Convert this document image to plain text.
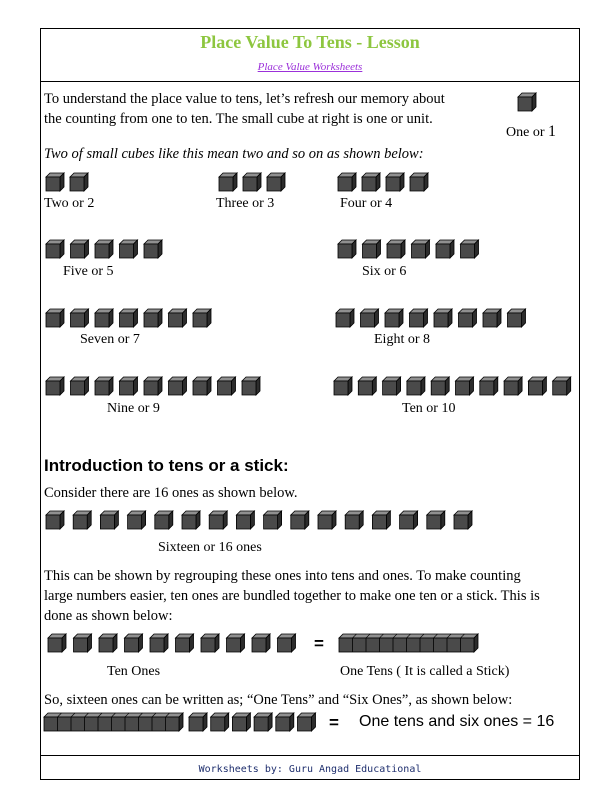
Place Value To Tens - Lesson
Place Value Worksheets
To understand the place value to tens, let’s refresh our memory about
the counting from one to ten. The small cube at right is one or unit.
One or 1
Two of small cubes like this mean two and so on as shown below:
Two or 2	Three or 3	Four or 4
Five or 5	Six or 6
Seven or 7	Eight or 8
Nine or 9	Ten or 10
Introduction to tens or a stick:
Consider there are 16 ones as shown below.
Sixteen or 16 ones
This can be shown by regrouping these ones into tens and ones. To make counting
large numbers easier, ten ones are bundled together to make one ten or a stick. This is
done as shown below:
=
Ten Ones	One Tens ( It is called a Stick)
So, sixteen ones can be written as; “One Tens” and “Six Ones”, as shown below:
= One tens and six ones = 16
Worksheets by: Guru Angad Educational
